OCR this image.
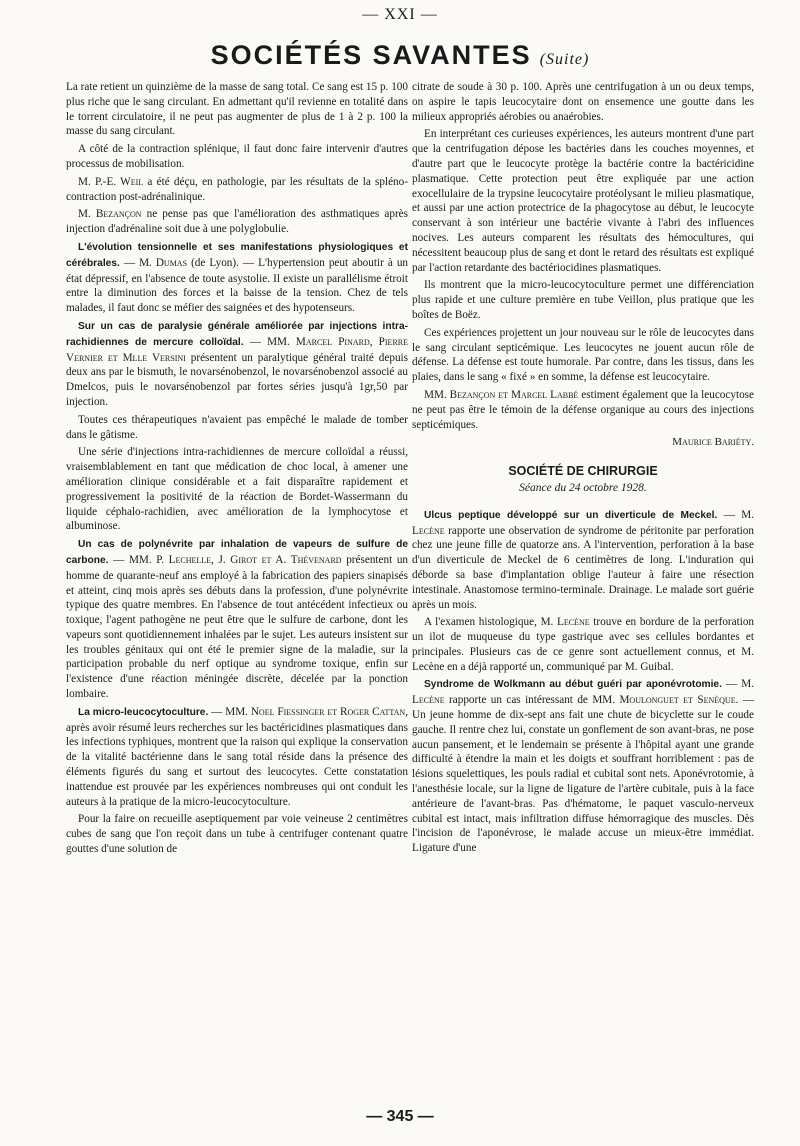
— XXI —
SOCIÉTÉS SAVANTES (Suite)

La rate retient un quinzième de la masse de sang total. Ce sang est 15 p. 100 plus riche que le sang circulant. En admettant qu'il revienne en totalité dans le torrent circulatoire, il ne peut pas augmenter de plus de 1 à 2 p. 100 la masse du sang circulant.

A côté de la contraction splénique, il faut donc faire intervenir d'autres processus de mobilisation.

M. P.-E. Weil a été déçu, en pathologie, par les résultats de la spléno-contraction post-adrénalinique.

M. Bezançon ne pense pas que l'amélioration des asthmatiques après injection d'adrénaline soit due à une polyglobulie.

L'évolution tensionnelle et ses manifestations physiologiques et cérébrales. — M. Dumas (de Lyon). — L'hypertension peut aboutir à un état dépressif, en l'absence de toute asystolie. Il existe un parallélisme étroit entre la diminution des forces et la baisse de la tension. Chez de tels malades, il faut donc se méfier des saignées et des hypotenseurs.

Sur un cas de paralysie générale améliorée par injections intra-rachidiennes de mercure colloïdal. — MM. Marcel Pinard, Pierre Vernier et Mlle Versini présentent un paralytique général traité depuis deux ans par le bismuth, le novarsénobenzol, le novarsénobenzol associé au Dmelcos, puis le novarsénobenzol par fortes séries jusqu'à 1gr,50 par injection.

Toutes ces thérapeutiques n'avaient pas empêché le malade de tomber dans le gâtisme.

Une série d'injections intra-rachidiennes de mercure colloïdal a réussi, vraisemblablement en tant que médication de choc local, à amener une amélioration clinique considérable et a fait disparaître rapidement et progressivement la positivité de la réaction de Bordet-Wassermann du liquide céphalo-rachidien, avec amélioration de la lymphocytose et albuminose.

Un cas de polynévrite par inhalation de vapeurs de sulfure de carbone. — MM. P. Lechelle, J. Girot et A. Thévenard présentent un homme de quarante-neuf ans employé à la fabrication des papiers sinapisés et atteint, cinq mois après ses débuts dans la profession, d'une polynévrite typique des quatre membres. En l'absence de tout antécédent infectieux ou toxique, l'agent pathogène ne peut être que le sulfure de carbone, dont les vapeurs sont quotidiennement inhalées par le sujet. Les auteurs insistent sur les troubles génitaux qui ont été le premier signe de la maladie, sur la participation probable du nerf optique au syndrome toxique, enfin sur l'existence d'une réaction méningée discrète, décelée par la ponction lombaire.

La micro-leucocytoculture. — MM. Noel Fiessinger et Roger Cattan, après avoir résumé leurs recherches sur les bactéricidines plasmatiques dans les infections typhiques, montrent que la raison qui explique la conservation de la vitalité bactérienne dans le sang total réside dans la présence des éléments figurés du sang et surtout des leucocytes. Cette constatation inattendue est prouvée par les expériences nombreuses qui ont conduit les auteurs à la pratique de la micro-leucocytoculture.

Pour la faire on recueille aseptiquement par voie veineuse 2 centimètres cubes de sang que l'on reçoit dans un tube à centrifuger contenant quatre gouttes d'une solution de

citrate de soude à 30 p. 100. Après une centrifugation à un ou deux temps, on aspire le tapis leucocytaire dont on ensemence une goutte dans les milieux appropriés aérobies ou anaérobies.

En interprétant ces curieuses expériences, les auteurs montrent d'une part que la centrifugation dépose les bactéries dans les couches moyennes, et d'autre part que le leucocyte protège la bactérie contre la bactéricidine plasmatique. Cette protection peut être expliquée par une action exocellulaire de la trypsine leucocytaire protéolysant le milieu plasmatique, et aussi par une action protectrice de la phagocytose au début, le leucocyte conservant à son intérieur une bactérie vivante à l'abri des influences nocives. Les auteurs comparent les résultats des hémocultures, qui nécessitent beaucoup plus de sang et dont le retard des résultats est expliqué par l'action retardante des bactériocidines plasmatiques.

Ils montrent que la micro-leucocytoculture permet une différenciation plus rapide et une culture première en tube Veillon, plus pratique que les boîtes de Boëz.

Ces expériences projettent un jour nouveau sur le rôle de leucocytes dans le sang circulant septicémique. Les leucocytes ne jouent aucun rôle de défense. La défense est toute humorale. Par contre, dans les tissus, dans les plaies, dans le sang « fixé » en somme, la défense est leucocytaire.

MM. Bezançon et Marcel Labbé estiment également que la leucocytose ne peut pas être le témoin de la défense organique au cours des injections septicémiques.

Maurice Bariéty.
SOCIÉTÉ DE CHIRURGIE
Séance du 24 octobre 1928.

Ulcus peptique développé sur un diverticule de Meckel. — M. Lecène rapporte une observation de syndrome de péritonite par perforation chez une jeune fille de quatorze ans. A l'intervention, perforation à la base d'un diverticule de Meckel de 6 centimètres de long. L'induration qui déborde sa base d'implantation oblige l'auteur à faire une résection intestinale. Anastomose termino-terminale. Drainage. Le malade sort guérie après un mois.

A l'examen histologique, M. Lecène trouve en bordure de la perforation un ilot de muqueuse du type gastrique avec ses cellules bordantes et principales. Plusieurs cas de ce genre sont actuellement connus, et M. Lecène en a déjà rapporté un, communiqué par M. Guibal.

Syndrome de Wolkmann au début guéri par aponévrotomie. — M. Lecène rapporte un cas intéressant de MM. Moulonguet et Senèque. — Un jeune homme de dix-sept ans fait une chute de bicyclette sur le coude gauche. Il rentre chez lui, constate un gonflement de son avant-bras, ne pose aucun pansement, et le lendemain se présente à l'hôpital ayant une grande difficulté à étendre la main et les doigts et souffrant horriblement : pas de lésions squelettiques, les pouls radial et cubital sont nets. Aponévrotomie, à l'anesthésie locale, sur la ligne de ligature de l'artère cubitale, puis à la face antérieure de l'avant-bras. Pas d'hématome, le paquet vasculo-nerveux cubital est intact, mais infiltration diffuse hémorragique des muscles. Dès l'incision de l'aponévrose, le malade accuse un mieux-être immédiat. Ligature d'une

— 345 —
